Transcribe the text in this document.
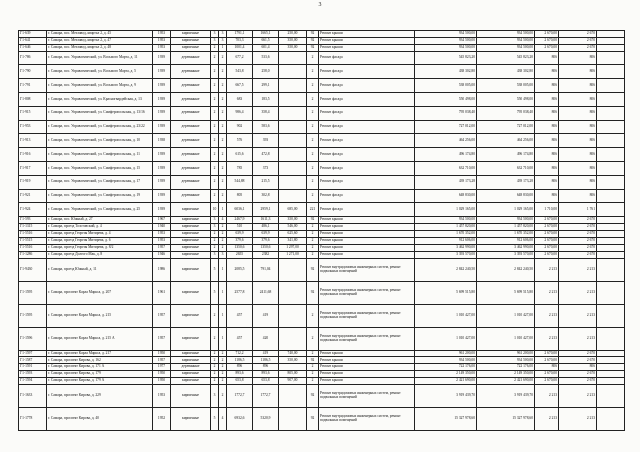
3
Г1-639	г. Самара, пос. Мехзавод, квартал 2, д. 45	1953	кирпичные	3	3	1791,1	1665,1	250,00	92	Ремонт крыши	934 500,00	934 500,00	2 670,00	2 670	
Г1-641	г. Самара, пос. Мехзавод, квартал 2, д. 47	1953	кирпичные	3	3	703,3	661,5	350,00	92	Ремонт крыши	934 500,00	934 500,00	2 670,00	2 670	
Г1-646	г. Самара, пос. Мехзавод, квартал 2, д. 48	1953	кирпичные	2	1	1001,4	601,4	350,00	92	Ремонт крыши	934 500,00	934 500,00	2 670,00	2 670	
Г1-786	г. Самара, пос. Управленческий, ул. Восьмого Марта, д. 11	1939	деревянные	2	2	677,2	533,6		2	Ремонт фасада	545 823,20	545 823,20	806	806	
Г1-790	г. Самара, пос. Управленческий, ул. Восьмого Марта, д. 5	1939	деревянные	2	2	543,8	258,0		2	Ремонт фасада	438 302,80	438 302,80	806	806	
Г1-791	г. Самара, пос. Управленческий, ул. Восьмого Марта, д. 9	1939	деревянные	2	2	667,5	299,1		2	Ремонт фасада	538 005,00	538 005,00	806	806	
Г1-808	г. Самара, пос. Управленческий, ул. Красногвардейская, д. 13	1939	деревянные	2	2	683	183,5		2	Ремонт фасада	550 498,00	550 498,00	806	806	
Г1-915	г. Самара, пос. Управленческий, ул. Симферопольская, д. 13/16	1939	деревянные	2	2	986,4	358,4		2	Ремонт фасада	795 038,40	795 038,40	806	806	
Г1-953	г. Самара, пос. Управленческий, ул. Симферопольская, д. 23/22	1939	деревянные	2	2	902	583,6		2	Ремонт фасада	727 012,00	727 012,00	806	806	
Г1-913	г. Самара, пос. Управленческий, ул. Симферопольская, д. 10	1938	деревянные	2	2	576	393		2	Ремонт фасада	464 256,00	464 256,00	806	806	
Г1-916	г. Самара, пос. Управленческий, ул. Симферопольская, д. 11	1939	деревянные	2	2	615,6	472,8		2	Ремонт фасада	496 174,80	496 174,80	806	806	
Г1-917	г. Самара, пос. Управленческий, ул. Симферопольская, д. 15	1939	деревянные	2	2	785	373		2	Ремонт фасада	632 710,00	632 710,00	806	806	
Г1-919	г. Самара, пос. Управленческий, ул. Симферопольская, д. 17	1939	деревянные	2	2	544,88	215,5		2	Ремонт фасада	439 173,28	439 173,28	806	806	
Г1-921	г. Самара, пос. Управленческий, ул. Симферопольская, д. 19	1939	деревянные	2	2	805	302,8		2	Ремонт фасада	648 830,00	648 830,00	806	806	
Г1-924	г. Самара, пос. Управленческий, ул. Симферопольская, д. 25	1939	кирпичные	10	1	6036,1	2959,1	685,00	221	Ремонт фасада	1 029 165,00	1 029 165,00	1 710,00	1 761	
Г1-593	г. Самара, пос. Южный, д. 27	1967	кирпичные	3	4	2467,9	1611,3	350,00	92	Ремонт крыши	934 500,00	934 500,00	2 670,00	2 670	
Г1-1315	г. Самара, проезд Толстовский, д. 4	1940	кирпичные	3	2	510	486,1	546,00	2	Ремонт крыши	1 457 820,00	1 457 820,00	2 670,00	2 670	
Г1-5516	г. Самара, проезд Георгия Митирева, д. 4	1953	кирпичные	2	2	639,9	639,9	625,60	2	Ремонт крыши	1 670 352,00	1 670 352,00	2 670,00	2 670	
Г1-5515	г. Самара, проезд Георгия Митирева, д. 6	1953	кирпичные	2	2	379,6	379,6	341,80	2	Ремонт крыши	912 606,00	912 606,00	2 670,00	2 670	
Г1-5516	г. Самара, проезд Георгия Митирева, д. 8/2	1957	кирпичные	2	2	1350,6	1350,6	1 297,00	2	Ремонт крыши	3 462 990,00	3 462 990,00	2 670,00	2 670	
Г1-1286	г. Самара, проезд Долгого Мак, д. 8	1946	кирпичные	3	3	2655	2382	1 271,00	2	Ремонт крыши	3 393 570,00	3 393 570,00	2 670,00	2 670	
Г1-9430	г. Самара, проезд Южный, д. 11	1986	кирпичные	5	1	2085,5	791,04		92	Ремонт внутридомовых инженерных систем, ремонт подвальных помещений	2 842 240,50	2 842 240,50	2 213	2 213	
Г1-1595	г. Самара, проспект Карла Маркса, д. 207	1961	кирпичные	5	1	2577,8	2411,68		92	Ремонт внутридомовых инженерных систем, ремонт подвальных помещений	5 699 515,80	5 699 515,80	2 213	2 213	
Г1-1595	г. Самара, проспект Карла Маркса, д. 215	1957	кирпичные	2	1	457	419		2	Ремонт внутридомовых инженерных систем, ремонт подвальных помещений	1 010 427,00	1 010 427,00	2 213	2 213	
Г1-1596	г. Самара, проспект Карла Маркса, д. 215 А	1957	кирпичные	2	1	457	420		2	Ремонт внутридомовых инженерных систем, ремонт подвальных помещений	1 010 427,00	1 010 427,00	2 213	2 213	
Г1-1597	г. Самара, проспект Карла Маркса, д. 217	1950	кирпичные	2	2	712,2	419	740,00	2	Ремонт крыши	961 200,00	961 200,00	2 670,00	2 670	
Г1-1587	г. Самара, проспект Кирова, д. 162	1957	кирпичные	2	2	1186,5	1186,5	350,00	92	Ремонт крыши	934 500,00	934 500,00	2 670,00	2 670	
Г1-1591	г. Самара, проспект Кирова, д. 171 А	1977	деревянные	2	2	896	896		2	Ремонт крыши	722 176,00	722 176,00	806	806	
Г1-1593	г. Самара, проспект Кирова, д. 179	1950	кирпичные	2	2	893,6	893,6	805,00	2	Ремонт крыши	2 149 350,00	2 149 350,00	2 670,00	2 670	
Г1-1594	г. Самара, проспект Кирова, д. 179 А	1950	кирпичные	2	2	653,8	653,8	907,00	2	Ремонт крыши	2 421 690,00	2 421 690,00	2 670,00	2 670	
Г1-1633	г. Самара, проспект Кирова, д. 229	1953	кирпичные	3	2	1772,7	1772,7		92	Ремонт внутридомовых инженерных систем, ремонт подвальных помещений	3 919 439,70	3 919 439,70	2 213	2 213	
Г1-1778	г. Самара, проспект Кирова, д. 40	1952	кирпичные	5	4	6932,6	5320,9		92	Ремонт внутридомовых инженерных систем, ремонт подвальных помещений	15 327 978,60	15 327 978,60	2 213	2 213	
